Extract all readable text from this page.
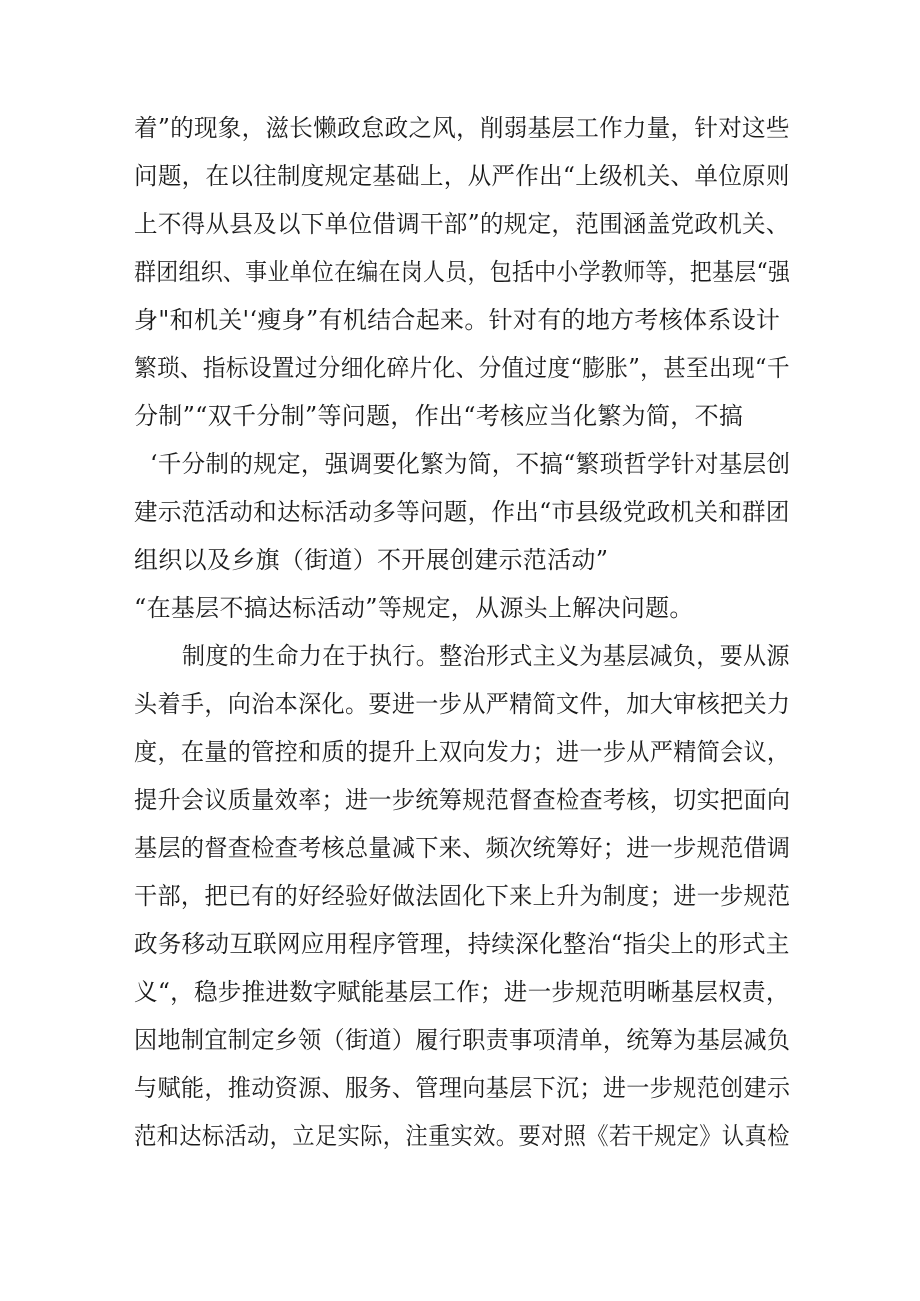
着”的现象，滋长懒政怠政之风，削弱基层工作力量，针对这些
问题，在以往制度规定基础上，从严作出“上级机关、单位原则
上不得从县及以下单位借调干部”的规定，范围涵盖党政机关、
群团组织、事业单位在编在岗人员，包括中小学教师等，把基层“强
身"和机关'‘瘦身”有机结合起来。针对有的地方考核体系设计
繁琐、指标设置过分细化碎片化、分值过度“膨胀”，甚至出现“千
分制”“双千分制”等问题，作出“考核应当化繁为简，不搞
‘千分制的规定，强调要化繁为简，不搞“繁琐哲学针对基层创
建示范活动和达标活动多等问题，作出“市县级党政机关和群团
组织以及乡旗（街道）不开展创建示范活动”
“在基层不搞达标活动”等规定，从源头上解决问题。
制度的生命力在于执行。整治形式主义为基层减负，要从源
头着手，向治本深化。要进一步从严精简文件，加大审核把关力
度，在量的管控和质的提升上双向发力；进一步从严精简会议，
提升会议质量效率；进一步统筹规范督查检查考核，切实把面向
基层的督查检查考核总量减下来、频次统筹好；进一步规范借调
干部，把已有的好经验好做法固化下来上升为制度；进一步规范
政务移动互联网应用程序管理，持续深化整治“指尖上的形式主
义“，稳步推进数字赋能基层工作；进一步规范明晰基层权责，
因地制宜制定乡领（街道）履行职责事项清单，统筹为基层减负
与赋能，推动资源、服务、管理向基层下沉；进一步规范创建示
范和达标活动，立足实际，注重实效。要对照《若干规定》认真检
